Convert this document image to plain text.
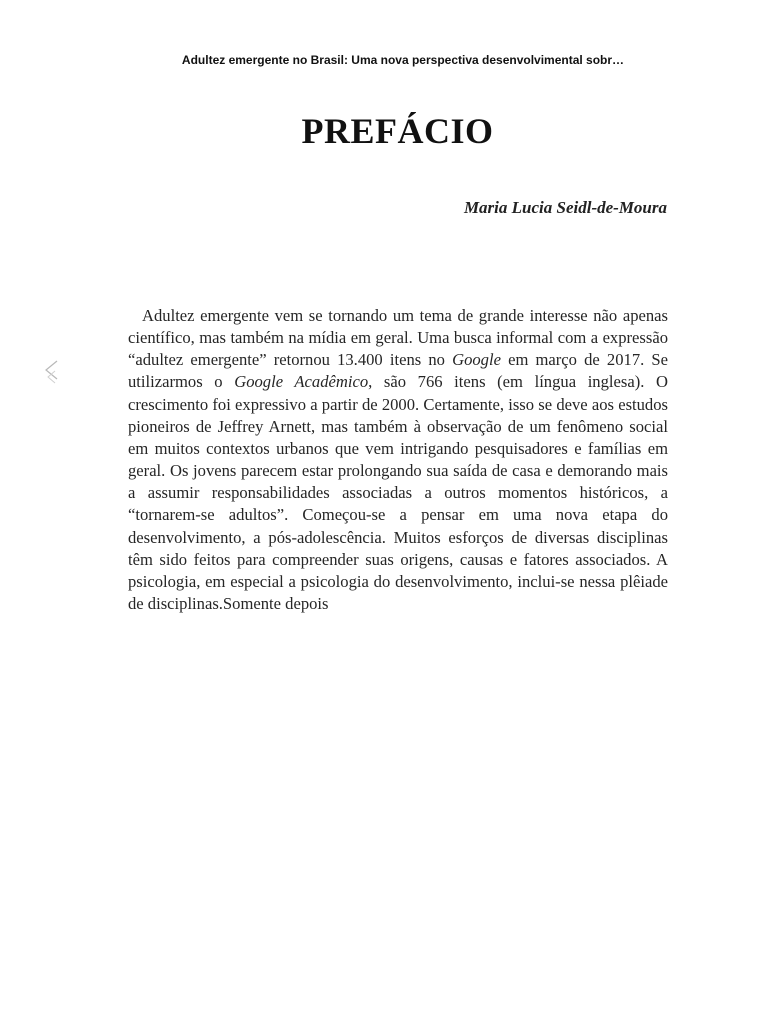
Adultez emergente no Brasil: Uma nova perspectiva desenvolvimental sobr…
PREFÁCIO
Maria Lucia Seidl-de-Moura

Adultez emergente vem se tornando um tema de grande interesse não apenas científico, mas também na mídia em geral. Uma busca informal com a expressão “adultez emergente” retornou 13.400 itens no Google em março de 2017. Se utilizarmos o Google Acadêmico, são 766 itens (em língua inglesa). O crescimento foi expressivo a partir de 2000. Certamente, isso se deve aos estudos pioneiros de Jeffrey Arnett, mas também à observação de um fenômeno social em muitos contextos urbanos que vem intrigando pesquisadores e famílias em geral. Os jovens parecem estar prolongando sua saída de casa e demorando mais a assumir responsabilidades associadas a outros momentos históricos, a “tornarem-se adultos”. Começou-se a pensar em uma nova etapa do desenvolvimento, a pós-adolescência. Muitos esforços de diversas disciplinas têm sido feitos para compreender suas origens, causas e fatores associados. A psicologia, em especial a psicologia do desenvolvimento, inclui-se nessa plêiade de disciplinas.Somente depois
